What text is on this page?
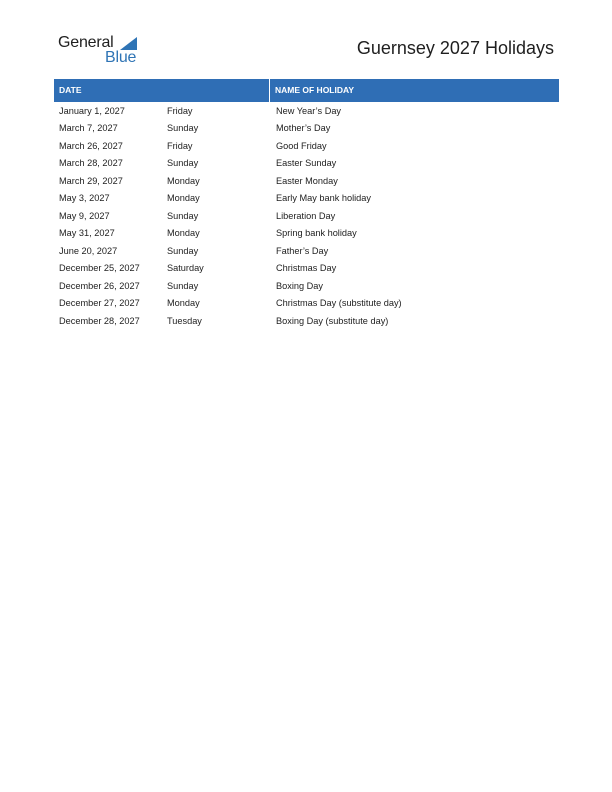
General
Blue	Guernsey 2027 Holidays
DATE	NAME OF HOLIDAY
January 1, 2027	Friday	New Year’s Day
March 7, 2027	Sunday	Mother’s Day
March 26, 2027	Friday	Good Friday
March 28, 2027	Sunday	Easter Sunday
March 29, 2027	Monday	Easter Monday
May 3, 2027	Monday	Early May bank holiday
May 9, 2027	Sunday	Liberation Day
May 31, 2027	Monday	Spring bank holiday
June 20, 2027	Sunday	Father’s Day
December 25, 2027	Saturday	Christmas Day
December 26, 2027	Sunday	Boxing Day
December 27, 2027	Monday	Christmas Day (substitute day)
December 28, 2027	Tuesday	Boxing Day (substitute day)
